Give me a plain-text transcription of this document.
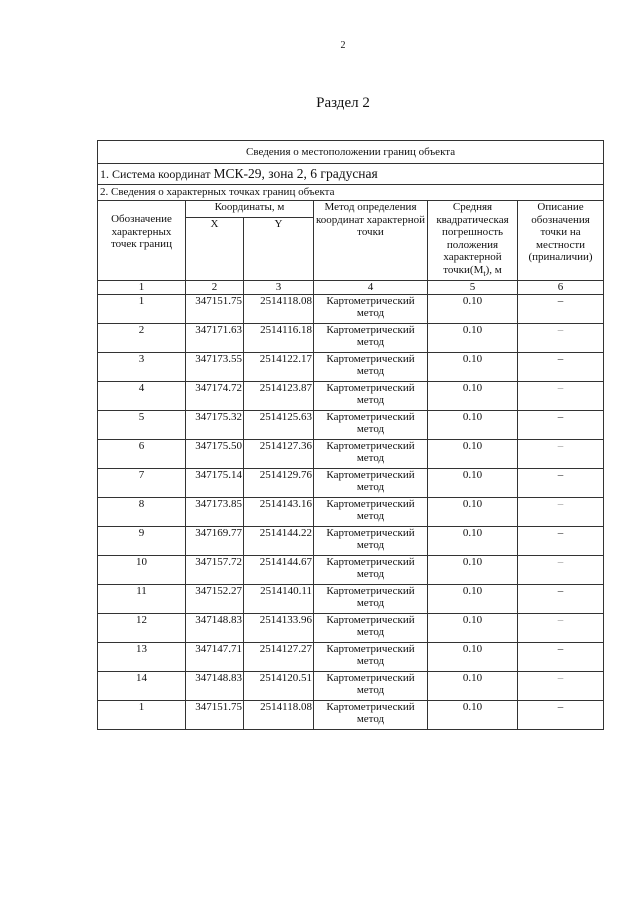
2
Раздел 2
Сведения о местоположении границ объекта					
1. Система координат МСК-29, зона 2, 6 градусная					
2. Сведения о характерных точках границ объекта					
Обозначение характерных точек границ	Координаты, м		Метод определения координат характерной точки	Средняя квадратическая погрешность положения характерной $точки(M_t)$, м	Описание обозначения точки на местности (приналичии)
	X	Y			
1	2	3	4	5	6
1	347151.75	2514118.08	Картометрический метод	0.10	–
2	347171.63	2514116.18	Картометрический метод	0.10	–
3	347173.55	2514122.17	Картометрический метод	0.10	–
4	347174.72	2514123.87	Картометрический метод	0.10	–
5	347175.32	2514125.63	Картометрический метод	0.10	–
6	347175.50	2514127.36	Картометрический метод	0.10	–
7	347175.14	2514129.76	Картометрический метод	0.10	–
8	347173.85	2514143.16	Картометрический метод	0.10	–
9	347169.77	2514144.22	Картометрический метод	0.10	–
10	347157.72	2514144.67	Картометрический метод	0.10	–
11	347152.27	2514140.11	Картометрический метод	0.10	–
12	347148.83	2514133.96	Картометрический метод	0.10	–
13	347147.71	2514127.27	Картометрический метод	0.10	–
14	347148.83	2514120.51	Картометрический метод	0.10	–
1	347151.75	2514118.08	Картометрический метод	0.10	–
